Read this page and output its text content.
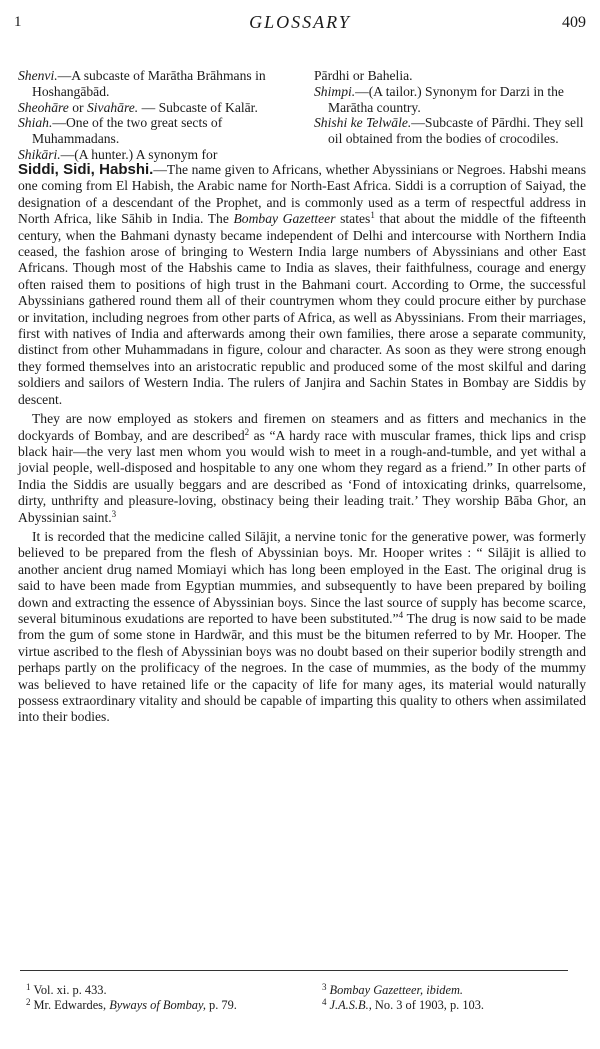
1	GLOSSARY	409

Shenvi.—A subcaste of Marātha Brāhmans in Hoshangābād.

Sheohāre or Sivahāre. — Subcaste of Kalār.

Shiah.—One of the two great sects of Muhammadans.

Shikāri.—(A hunter.) A synonym for

Pārdhi or Bahelia.

Shimpi.—(A tailor.) Synonym for Darzi in the Marātha country.

Shishi ke Telwāle.—Subcaste of Pārdhi. They sell oil obtained from the bodies of crocodiles.

Siddi, Sidi, Habshi.—The name given to Africans, whether Abyssinians or Negroes. Habshi means one coming from El Habish, the Arabic name for North-East Africa. Siddi is a corruption of Saiyad, the designation of a descendant of the Prophet, and is commonly used as a term of respectful address in North Africa, like Sāhib in India. The Bombay Gazetteer states$^1$ that about the middle of the fifteenth century, when the Bahmani dynasty became independent of Delhi and intercourse with Northern India ceased, the fashion arose of bringing to Western India large numbers of Abyssinians and other East Africans. Though most of the Habshis came to India as slaves, their faithfulness, courage and energy often raised them to positions of high trust in the Bahmani court. According to Orme, the successful Abyssinians gathered round them all of their countrymen whom they could procure either by purchase or invitation, including negroes from other parts of Africa, as well as Abyssinians. From their marriages, first with natives of India and afterwards among their own families, there arose a separate community, distinct from other Muhammadans in figure, colour and character. As soon as they were strong enough they formed themselves into an aristocratic republic and produced some of the most skilful and daring soldiers and sailors of Western India. The rulers of Janjira and Sachin States in Bombay are Siddis by descent.

They are now employed as stokers and firemen on steamers and as fitters and mechanics in the dockyards of Bombay, and are described$^2$ as “A hardy race with muscular frames, thick lips and crisp black hair—the very last men whom you would wish to meet in a rough-and-tumble, and yet withal a jovial people, well-disposed and hospitable to any one whom they regard as a friend.” In other parts of India the Siddis are usually beggars and are described as ‘Fond of intoxicating drinks, quarrelsome, dirty, unthrifty and pleasure-loving, obstinacy being their leading trait.’ They worship Bāba Ghor, an Abyssinian saint.$^3$

It is recorded that the medicine called Silājit, a nervine tonic for the generative power, was formerly believed to be prepared from the flesh of Abyssinian boys. Mr. Hooper writes : “ Silājit is allied to another ancient drug named Momiayi which has long been employed in the East. The original drug is said to have been made from Egyptian mummies, and subsequently to have been prepared by boiling down and extracting the essence of Abyssinian boys. Since the last source of supply has become scarce, several bituminous exudations are reported to have been substituted.”$^4$ The drug is now said to be made from the gum of some stone in Hardwār, and this must be the bitumen referred to by Mr. Hooper. The virtue ascribed to the flesh of Abyssinian boys was no doubt based on their superior bodily strength and perhaps partly on the prolificacy of the negroes. In the case of mummies, as the body of the mummy was believed to have retained life or the capacity of life for many ages, its material would naturally possess extraordinary vitality and should be capable of imparting this quality to others when assimilated into their bodies.

$^1$ Vol. xi. p. 433.
$^2$ Mr. Edwardes, Byways of Bombay, p. 79.
$^3$ Bombay Gazetteer, ibidem.
$^4$ J.A.S.B., No. 3 of 1903, p. 103.
